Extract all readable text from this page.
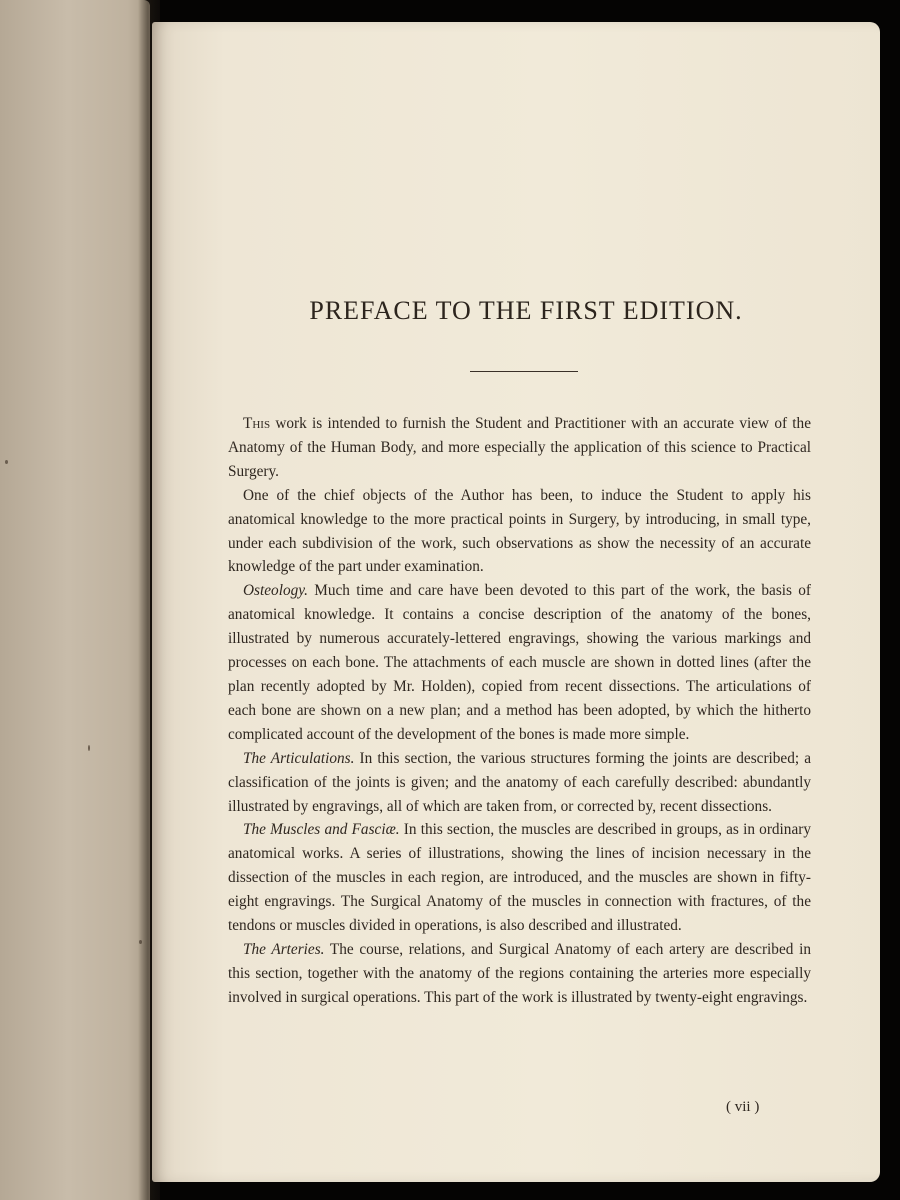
PREFACE TO THE FIRST EDITION.

This work is intended to furnish the Student and Practitioner with an accurate view of the Anatomy of the Human Body, and more especially the application of this science to Practical Surgery.

One of the chief objects of the Author has been, to induce the Student to apply his anatomical knowledge to the more practical points in Surgery, by introducing, in small type, under each subdivision of the work, such observations as show the necessity of an accurate knowledge of the part under examination.

Osteology. Much time and care have been devoted to this part of the work, the basis of anatomical knowledge. It contains a concise description of the anatomy of the bones, illustrated by numerous accurately-lettered engravings, showing the various markings and processes on each bone. The attachments of each muscle are shown in dotted lines (after the plan recently adopted by Mr. Holden), copied from recent dissections. The articulations of each bone are shown on a new plan; and a method has been adopted, by which the hitherto complicated account of the development of the bones is made more simple.

The Articulations. In this section, the various structures forming the joints are described; a classification of the joints is given; and the anatomy of each carefully described: abundantly illustrated by engravings, all of which are taken from, or corrected by, recent dissections.

The Muscles and Fasciæ. In this section, the muscles are described in groups, as in ordinary anatomical works. A series of illustrations, showing the lines of incision necessary in the dissection of the muscles in each region, are introduced, and the muscles are shown in fifty-eight engravings. The Surgical Anatomy of the muscles in connection with fractures, of the tendons or muscles divided in operations, is also described and illustrated.

The Arteries. The course, relations, and Surgical Anatomy of each artery are described in this section, together with the anatomy of the regions containing the arteries more especially involved in surgical operations. This part of the work is illustrated by twenty-eight engravings.

( vii )
